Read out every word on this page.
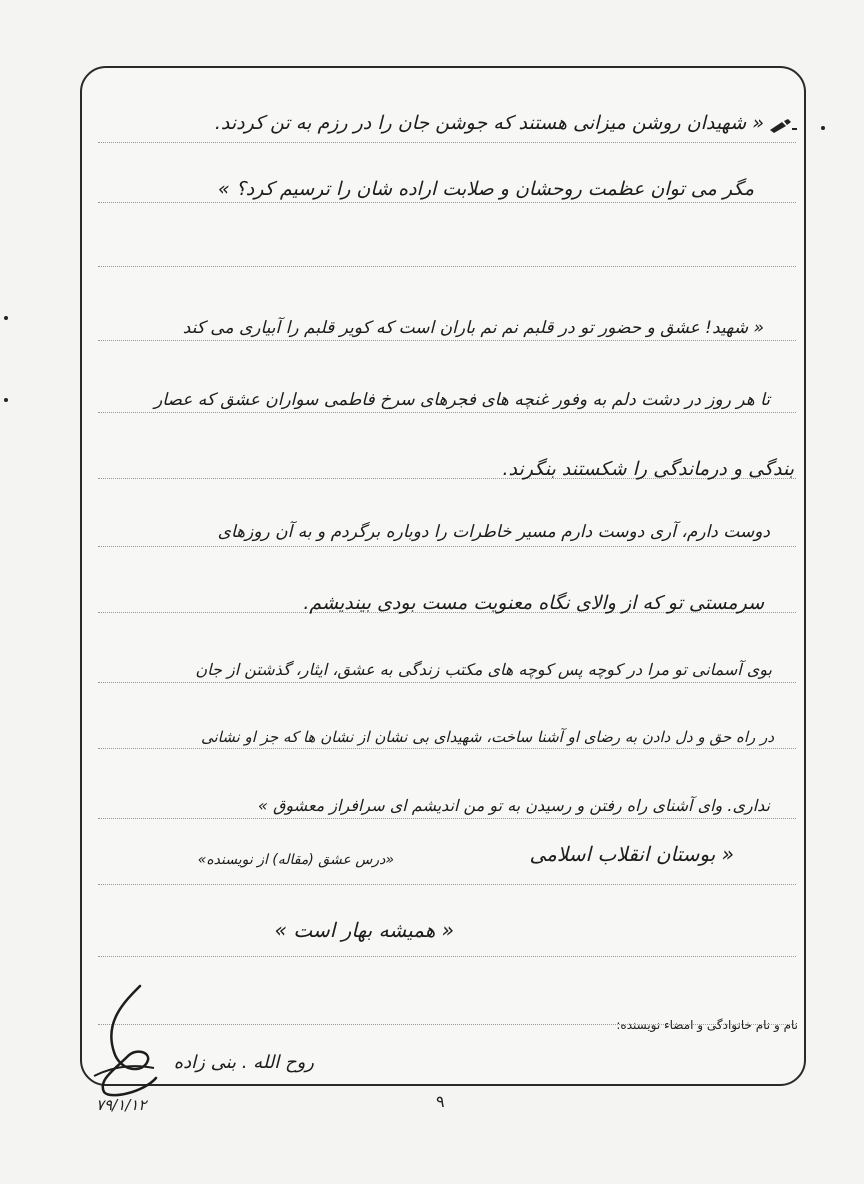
« شهیدان روشن میزانی هستند که جوشن جان را در رزم به تن کردند.
مگر می توان عظمت روحشان و صلابت اراده شان را ترسیم کرد؟ »
« شهید! عشق و حضور تو در قلبم نم نم باران است که کویر قلبم را آبیاری می کند
تا هر روز در دشت دلم به وفور غنچه های فجرهای سرخ فاطمی سواران عشق که عصار
بندگی و درماندگی را شکستند بنگرند.
دوست دارم، آری دوست دارم مسیر خاطرات را دوباره برگردم و به آن روزهای
سرمستی تو که از والای نگاه معنویت مست بودی بیندیشم.
بوی آسمانی تو مرا در کوچه پس کوچه های مکتب زندگی به عشق، ایثار، گذشتن از جان
در راه حق و دل دادن به رضای او آشنا ساخت، شهیدای بی نشان از نشان ها که جز او نشانی
نداری. وای آشنای راه رفتن و رسیدن به تو من اندیشم ای سرافراز معشوق »
« بوستان انقلاب اسلامی
«درس عشق (مقاله) از نویسنده»
« همیشه بهار است »
نام و نام خانوادگی و امضاء نویسنده:
روح الله . بنی زاده
۷۹/۱/۱۲	۹
